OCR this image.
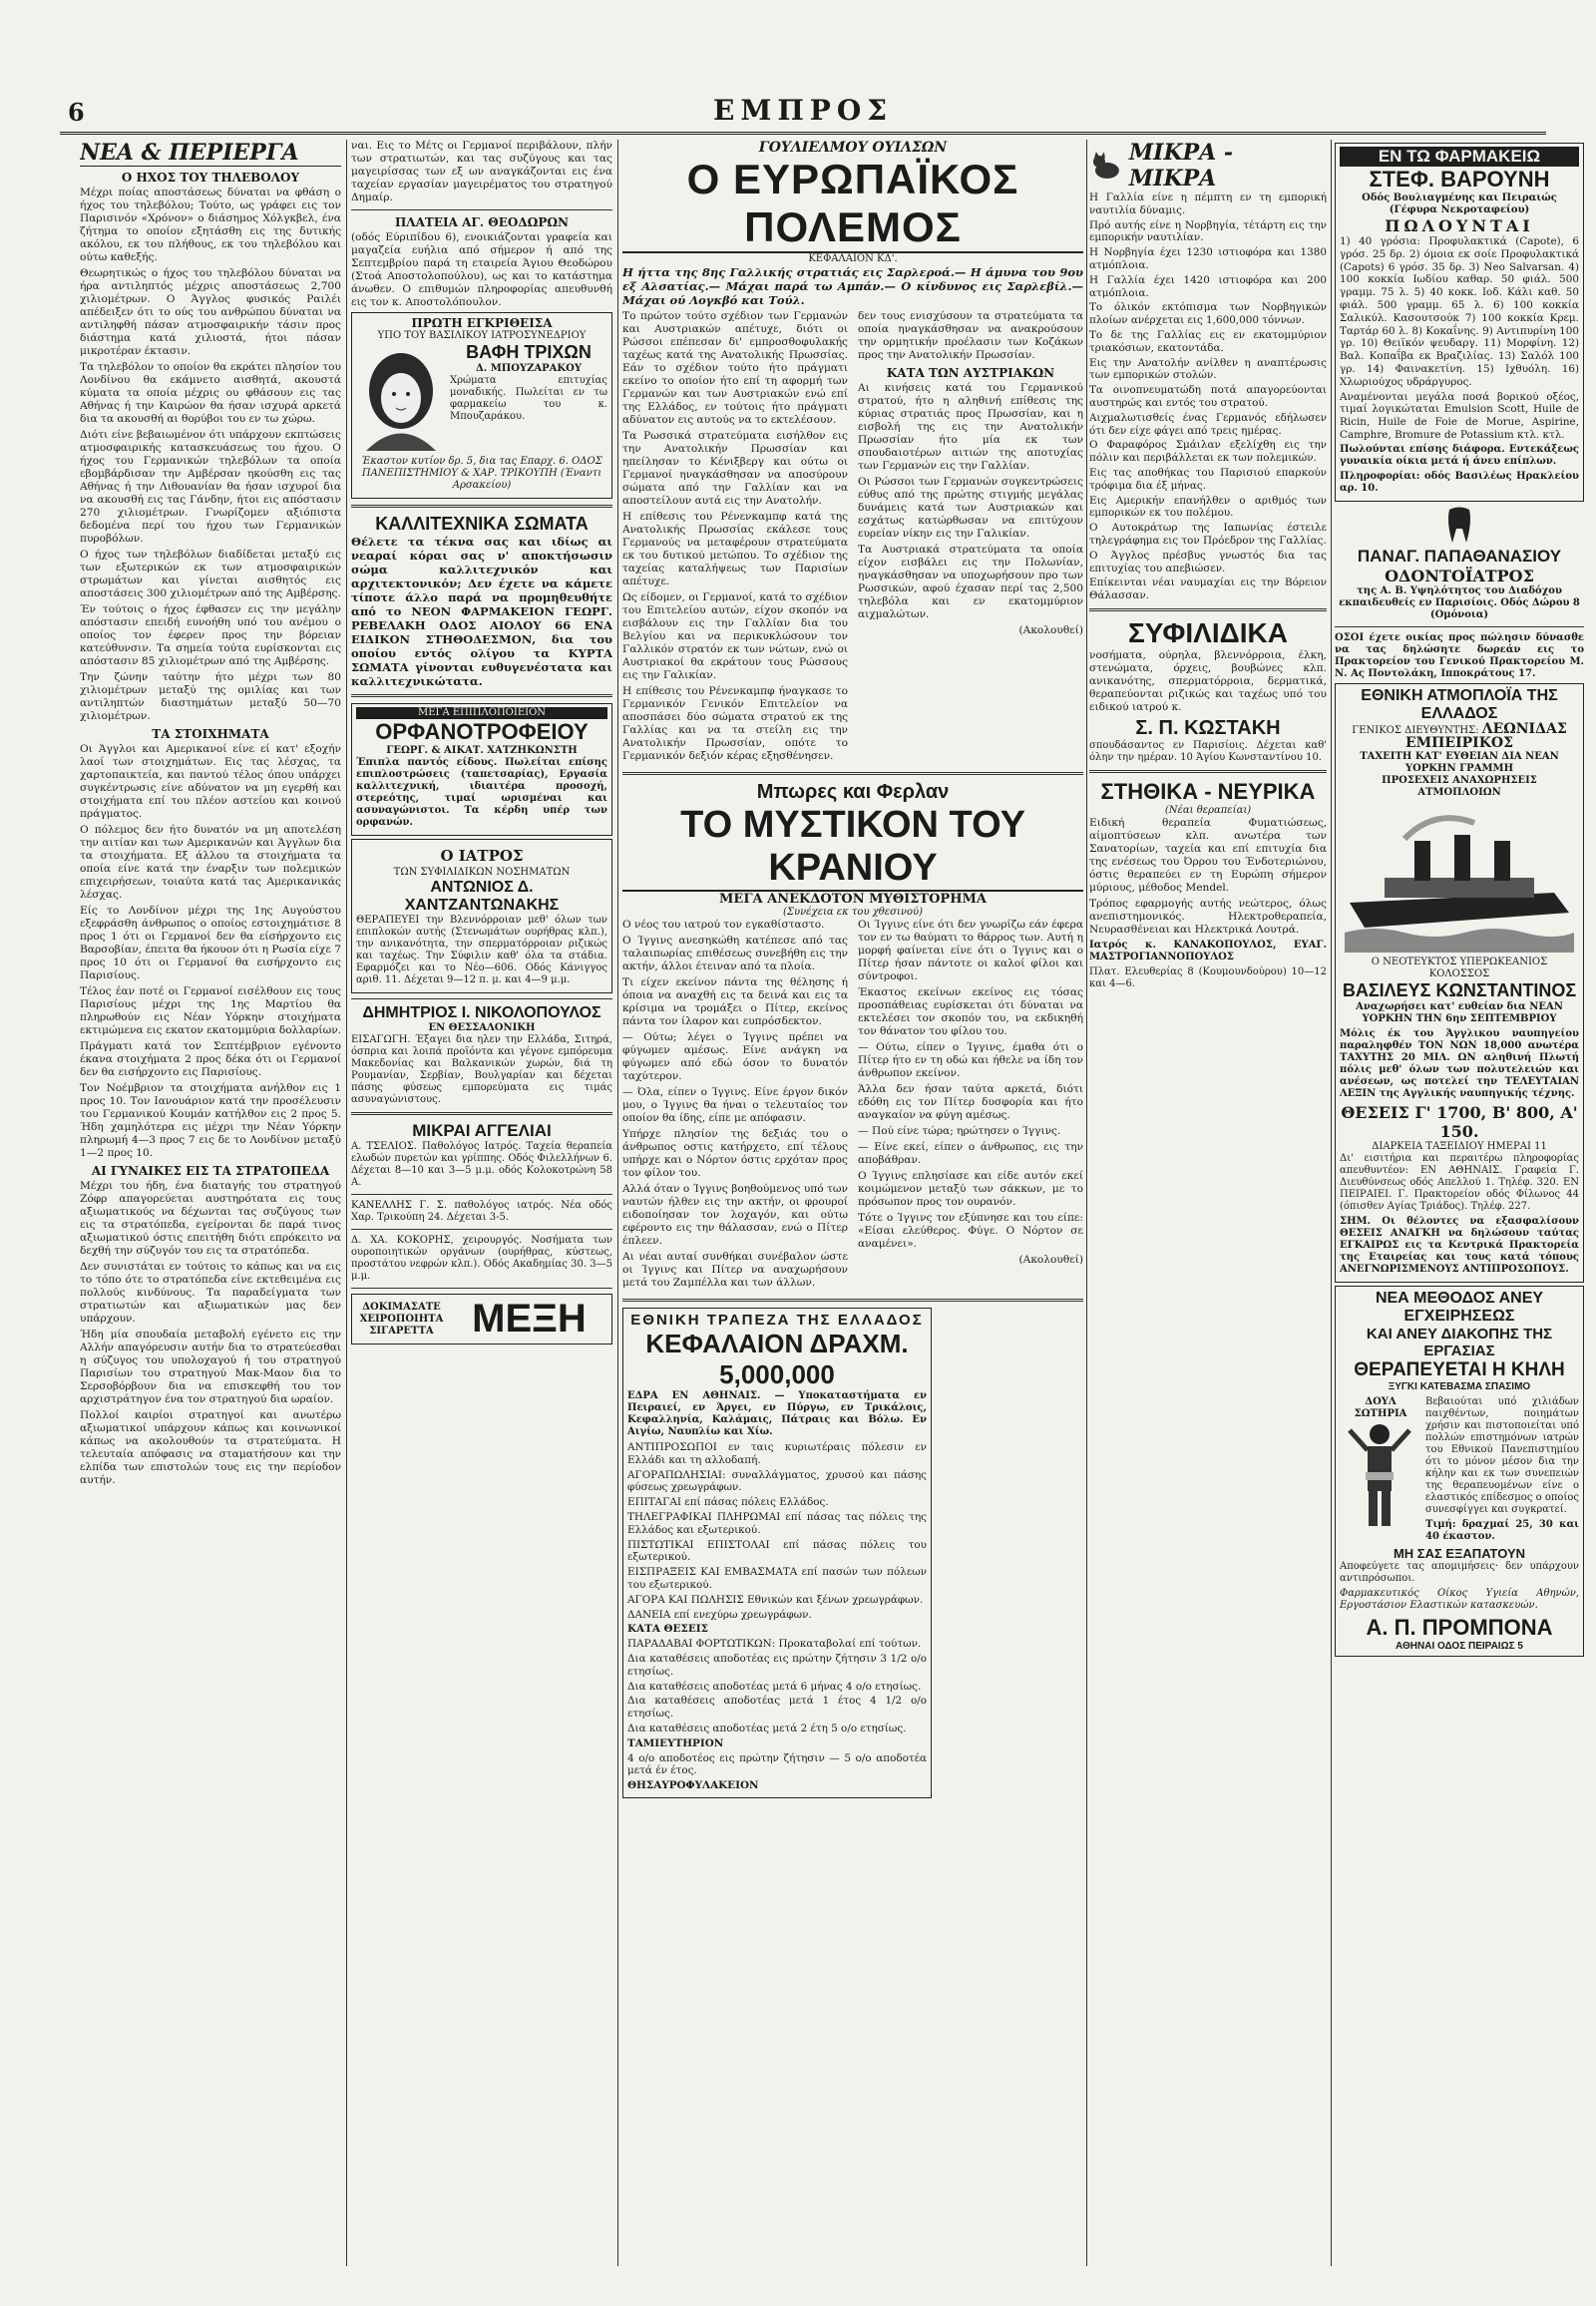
6	ΕΜΠΡΟΣ
ΝΕΑ & ΠΕΡΙΕΡΓΑ
Ο ΗΧΟΣ ΤΟΥ ΤΗΛΕΒΟΛΟΥ

Μέχρι ποίας αποστάσεως δύναται να φθάση ο ήχος του τηλεβόλου; Τούτο, ως γράφει εις τον Παρισινόν «Χρόνον» ο διάσημος Χόλγκβελ, ένα ζήτημα το οποίον εξητάσθη εις της δυτικής ακόλου, εκ του πλήθους, εκ του τηλεβόλου και ούτω καθεξής.

Θεωρητικώς ο ήχος του τηλεβόλου δύναται να ήρα αντιληπτός μέχρις αποστάσεως 2,700 χιλιομέτρων. Ο Άγγλος φυσικός Ραιλέι απέδειξεν ότι το ούς του ανθρώπου δύναται να αντιληφθή πάσαν ατμοσφαιρικήν τάσιν προς διάστημα κατά χιλιοστά, ήτοι πάσαν μικροτέραν έκτασιν.

Τα τηλεβόλον το οποίον θα εκράτει πλησίον του Λονδίνου θα εκάμνετο αισθητά, ακουστά κύματα τα οποία μέχρις ου φθάσουν εις τας Αθήνας ή την Καιρώον θα ήσαν ισχυρά αρκετά δια τα ακουσθή αι θορύβοι του εν τω χώρω.

Διότι είνε βεβαιωμένον ότι υπάρχουν εκπτώσεις ατμοσφαιρικής κατασκευάσεως του ήχου. Ο ήχος του Γερμανικών τηλεβόλων τα οποία εβομβάρδισαν την Αμβέρσαν ηκούσθη εις τας Αθήνας ή την Λιθουανίαν θα ήσαν ισχυροί δια να ακουσθή εις τας Γάνδην, ήτοι εις απόστασιν 270 χιλιομέτρων. Γνωρίζομεν αξιόπιστα δεδομένα περί του ήχου των Γερμανικών πυροβόλων.

Ο ήχος των τηλεβόλων διαδίδεται μεταξύ εις των εξωτερικών εκ των ατμοσφαιρικών στρωμάτων και γίνεται αισθητός εις αποστάσεις 300 χιλιομέτρων από της Αμβέρσης.

Έν τούτοις ο ήχος έφθασεν εις την μεγάλην απόστασιν επειδή ευνοήθη υπό του ανέμου ο οποίος τον έφερεν προς την βόρειαν κατεύθυνσιν. Τα σημεία τούτα ευρίσκονται εις απόστασιν 85 χιλιομέτρων από της Αμβέρσης.

Την ζώνην ταύτην ήτο μέχρι των 80 χιλιομέτρων μεταξύ της ομιλίας και των αντιληπτών διαστημάτων μεταξύ 50—70 χιλιομέτρων.

ΤΑ ΣΤΟΙΧΗΜΑΤΑ

Οι Άγγλοι και Αμερικανοί είνε εί κατ' εξοχήν λαοί των στοιχημάτων. Εις τας λέσχας, τα χαρτοπαικτεία, και παντού τέλος όπου υπάρχει συγκέντρωσις είνε αδύνατον να μη εγερθή και στοιχήματα επί του πλέον αστείου και κοινού πράγματος.

Ο πόλεμος δεν ήτο δυνατόν να μη αποτελέση την αιτίαν και των Αμερικανών και Άγγλων δια τα στοιχήματα. Εξ άλλου τα στοιχήματα τα οποία είνε κατά την έναρξιν των πολεμικών επιχειρήσεων, τοιαύτα κατά τας Αμερικανικάς λέσχας.

Είς το Λονδίνον μέχρι της 1ης Αυγούστου εξεφράσθη άνθρωπος ο οποίος εστοιχημάτισε 8 προς 1 ότι οι Γερμανοί δεν θα είσήρχοντο εις Βαρσοβίαν, έπειτα θα ήκουον ότι η Ρωσία είχε 7 προς 10 ότι οι Γερμανοί θα εισήρχοντο εις Παρισίους.

Τέλος έαν ποτέ οι Γερμανοί εισέλθουν εις τους Παρισίους μέχρι της 1ης Μαρτίου θα πληρωθούν εις Νέαν Υόρκην στοιχήματα εκτιμώμενα εις εκατον εκατομμύρια δολλαρίων.

Πράγματι κατά τον Σεπτέμβριον εγένοντο έκανα στοιχήματα 2 προς δέκα ότι οι Γερμανοί δεν θα εισήρχοντο εις Παρισίους.

Τον Νοέμβριον τα στοιχήματα ανήλθον εις 1 προς 10. Τον Ιανουάριον κατά την προσέλευσιν του Γερμανικού Κουμάν κατήλθον εις 2 προς 5. Ήδη χαμηλότερα εις μέχρι την Νέαν Υόρκην πληρωμή 4—3 προς 7 εις δε το Λονδίνον μεταξύ 1—2 προς 10.

ΑΙ ΓΥΝΑΙΚΕΣ ΕΙΣ ΤΑ ΣΤΡΑΤΟΠΕΔΑ

Μέχρι του ήδη, ένα διαταγής του στρατηγού Ζόφρ απαγορεύεται αυστηρότατα εις τους αξιωματικούς να δέχωνται τας συζύγους των εις τα στρατόπεδα, εγείρονται δε παρά τινος αξιωματικού όστις επειτήθη διότι επρόκειτο να δεχθή την σύζυγόν του εις τα στρατόπεδα.

Δεν συνιστάται εν τούτοις το κάπως και να εις το τόπο ότε το στρατόπεδα είνε εκτεθειμένα εις πολλούς κινδύνους. Τα παραδείγματα των στρατιωτών και αξιωματικών μας δεν υπάρχουν.

Ήδη μία σπουδαία μεταβολή εγένετο εις την Αλλήν απαγόρευσιν αυτήν δια το στρατεύεσθαι η σύζυγος του υπολοχαγού ή του στρατηγού Παρισίων του στρατηγού Μακ-Μαον δια το Σερσοβόρβουν δια να επισκεφθή του τον αρχιστράτηγον ένα τον στρατηγού δια ωραίον.

Πολλοί καιρίοι στρατηγοί και ανωτέρω αξιωματικοί υπάρχουν κάπως και κοινωνικοί κάπως να ακολουθούν τα στρατεύματα. Η τελευταία απόφασις να σταματήσουν και την ελπίδα των επιστολών τους εις την περίοδον αυτήν.

ναι. Εις το Μέτς οι Γερμανοί περιβάλουν, πλήν των στρατιωτών, και τας συζύγους και τας μαγειρίσσας των εξ ων αναγκάζονται εις ένα ταχείαν εργασίαν μαγειρέματος του στρατηγού Δημαίρ.

ΠΛΑΤΕΙΑ ΑΓ. ΘΕΟΔΩΡΩΝ

(οδός Εύριπίδου 6), ενοικιάζονται γραφεία και μαγαζεία ευήλια από σήμερον ή από της Σεπτεμβρίου παρά τη εταιρεία Άγιου Θεοδώρου (Στοά Αποστολοπούλου), ως και το κατάστημα άνωθεν. Ο επιθυμών πληροφορίας απευθυνθή εις τον κ. Αποστολόπουλον.

ΠΡΩΤΗ ΕΓΚΡΙΘΕΙΣΑ
ΥΠΟ ΤΟΥ ΒΑΣΙΛΙΚΟΥ ΙΑΤΡΟΣΥΝΕΔΡΙΟΥ
ΒΑΦΗ ΤΡΙΧΩΝ
Δ. ΜΠΟΥΖΑΡΑΚΟΥ

Χρώματα επιτυχίας μοναδικής. Πωλείται εν τω φαρμακείω του κ. Μπουζαράκου.

Έκαστον κυτίον δρ. 5, δια τας Επαρχ. 6. ΟΔΟΣ ΠΑΝΕΠΙΣΤΗΜΙΟΥ & ΧΑΡ. ΤΡΙΚΟΥΠΗ (Έναντι Αρσακείου)

ΚΑΛΛΙΤΕΧΝΙΚΑ ΣΩΜΑΤΑ

Θέλετε τα τέκνα σας και ιδίως αι νεαραί κόραι σας ν' αποκτήσωσιν σώμα καλλιτεχνικόν και αρχιτεκτονικόν; Δεν έχετε να κάμετε τίποτε άλλο παρά να προμηθευθήτε από το ΝΕΟΝ ΦΑΡΜΑΚΕΙΟΝ ΓΕΩΡΓ. ΡΕΒΕΛΑΚΗ ΟΔΟΣ ΑΙΟΛΟΥ 66 ΕΝΑ ΕΙΔΙΚΟΝ ΣΤΗΘΟΔΕΣΜΟΝ, δια του οποίου εντός ολίγου τα ΚΥΡΤΑ ΣΩΜΑΤΑ γίνονται ευθυγενέστατα και καλλιτεχνικώτατα.

ΜΕΓΑ ΕΠΙΠΛΟΠΟΙΕΙΟΝ
ΟΡΦΑΝΟΤΡΟΦΕΙΟΥ
ΓΕΩΡΓ. & ΑΙΚΑΤ. ΧΑΤΖΗΚΩΝΣΤΗ

Έπιπλα παντός είδους. Πωλείται επίσης επιπλοστρώσεις (ταπετσαρίας), Εργασία καλλιτεχνική, ιδιαιτέρα προσοχή, στερεότης, τιμαί ωρισμέναι και ασυναγώνιστοι. Τα κέρδη υπέρ των ορφανών.

Ο ΙΑΤΡΟΣ
ΤΩΝ ΣΥΦΙΛΙΔΙΚΩΝ ΝΟΣΗΜΑΤΩΝ
ΑΝΤΩΝΙΟΣ Δ. ΧΑΝΤΖΑΝΤΩΝΑΚΗΣ

ΘΕΡΑΠΕΥΕΙ την Βλεννόρροιαν μεθ' όλων των επιπλοκών αυτής (Στενωμάτων ουρήθρας κλπ.), την ανικανότητα, την σπερματόρροιαν ριζικώς και ταχέως. Την Σύφιλιν καθ' όλα τα στάδια. Εφαρμόζει και το Νέο—606. Οδός Κάνιγγος αριθ. 11. Δέχεται 9—12 π. μ. και 4—9 μ.μ.

ΔΗΜΗΤΡΙΟΣ Ι. ΝΙΚΟΛΟΠΟΥΛΟΣ
ΕΝ ΘΕΣΣΑΛΟΝΙΚΗ

ΕΙΣΑΓΩΓΗ. Έξαγει δια ηλεν την Ελλάδα, Σιτηρά, όσπρια και λοιπά προϊόντα και γέγονε εμπόρευμα Μακεδονίας και Βαλκανικών χωρών, διά τη Ρουμανίαν, Σερβίαν, Βουλγαρίαν και δέχεται πάσης φύσεως εμπορεύματα εις τιμάς ασυναγώνιστους.

ΜΙΚΡΑΙ ΑΓΓΕΛΙΑΙ

Α. ΤΣΕΛΙΟΣ. Παθολόγος Ιατρός. Ταχεία θεραπεία ελωδών πυρετών και γρίππης. Οδός Φιλελλήνων 6. Δέχεται 8—10 και 3—5 μ.μ. οδός Κολοκοτρώνη 58 Α.

ΚΑΝΕΛΛΗΣ Γ. Σ. παθολόγος ιατρός. Νέα οδός Χαρ. Τρικούπη 24. Δέχεται 3-5.

Δ. ΧΑ. ΚΟΚΟΡΗΣ, χειρουργός. Νοσήματα των ουροποιητικών οργάνων (ουρήθρας, κύστεως, προστάτου νεφρών κλπ.). Οδός Ακαδημίας 30. 3—5 μ.μ.

ΔΟΚΙΜΑΣΑΤΕ ΧΕΙΡΟΠΟΙΗΤΑ ΣΙΓΑΡΕΤΤΑ ΜΕΞΗ
ΓΟΥΛΙΕΛΜΟΥ ΟΥΙΛΣΩΝ
Ο ΕΥΡΩΠΑΪΚΟΣ ΠΟΛΕΜΟΣ
ΚΕΦΑΛΑΙΟΝ ΚΔ'.

Η ήττα της 8ης Γαλλικής στρατιάς εις Σαρλεροά.— Η άμυνα του 9ου εξ Αλσατίας.— Μάχαι παρά τω Αμπάν.— Ο κίνδυνος εις Σαρλεβίλ.— Μάχαι ού Λογκβό και Τούλ.

Το πρώτον τούτο σχέδιον των Γερμανών και Αυστριακών απέτυχε, διότι οι Ρώσσοι επέπεσαν δι' εμπροσθοφυλακής ταχέως κατά της Ανατολικής Πρωσσίας. Εάν το σχέδιον τούτο ήτο πράγματι εκείνο το οποίον ήτο επί τη αφορμή των Γερμανών και των Αυστριακών ενώ επί της Ελλάδος, εν τούτοις ήτο πράγματι αδύνατον εις αυτούς να το εκτελέσουν.

Τα Ρωσσικά στρατεύματα εισήλθον εις την Ανατολικήν Πρωσσίαν και ηπείλησαν το Κένιξβεργ και ούτω οι Γερμανοί ηναγκάσθησαν να αποσύρουν σώματα από την Γαλλίαν και να αποστείλουν αυτά εις την Ανατολήν.

Η επίθεσις του Ρένενκαμπφ κατά της Ανατολικής Πρωσσίας εκάλεσε τους Γερμανούς να μεταφέρουν στρατεύματα εκ του δυτικού μετώπου. Το σχέδιον της ταχείας καταλήψεως των Παρισίων απέτυχε.

Ως είδομεν, οι Γερμανοί, κατά το σχέδιον του Επιτελείου αυτών, είχον σκοπόν να εισβάλουν εις την Γαλλίαν δια του Βελγίου και να περικυκλώσουν τον Γαλλικόν στρατόν εκ των νώτων, ενώ οι Αυστριακοί θα εκράτουν τους Ρώσσους εις την Γαλικίαν.

Η επίθεσις του Ρένενκαμπφ ήναγκασε το Γερμανικόν Γενικόν Επιτελείον να αποσπάσει δύο σώματα στρατού εκ της Γαλλίας και να τα στείλη εις την Ανατολικήν Πρωσσίαν, οπότε το Γερμανικόν δεξιόν κέρας εξησθένησεν.

δεν τους ενισχύσουν τα στρατεύματα τα οποία ηναγκάσθησαν να ανακρούσουν την ορμητικήν προέλασιν των Κοζάκων προς την Ανατολικήν Πρωσσίαν.

ΚΑΤΑ ΤΩΝ ΑΥΣΤΡΙΑΚΩΝ

Αι κινήσεις κατά του Γερμανικού στρατού, ήτο η αληθινή επίθεσις της κύριας στρατιάς προς Πρωσσίαν, και η εισβολή της εις την Ανατολικήν Πρωσσίαν ήτο μία εκ των σπουδαιοτέρων αιτιών της αποτυχίας των Γερμανών εις την Γαλλίαν.

Οι Ρώσσοι των Γερμανών συγκεντρώσεις εύθυς από της πρώτης στιγμής μεγάλας δυνάμεις κατά των Αυστριακών και εσχάτως κατώρθωσαν να επιτύχουν ευρείαν νίκην εις την Γαλικίαν.

Τα Αυστριακά στρατεύματα τα οποία είχον εισβάλει εις την Πολωνίαν, ηναγκάσθησαν να υποχωρήσουν προ των Ρωσσικών, αφού έχασαν περί τας 2,500 τηλεβόλα και εν εκατομμύριον αιχμαλώτων.

(Ακολουθεί)

Μπωρες και Φερλαν
ΤΟ ΜΥΣΤΙΚΟΝ ΤΟΥ ΚΡΑΝΙΟΥ
ΜΕΓΑ ΑΝΕΚΔΟΤΟΝ ΜΥΘΙΣΤΟΡΗΜΑ
(Συνέχεια εκ του χθεσινού)

Ο νέος του ιατρού τον εγκαθίσταστο.

Ο Ίγγινς ανεσηκώθη κατέπεσε από τας ταλαιπωρίας επιθέσεως συνεβήθη εις την ακτήν, άλλοι έτειναν από τα πλοία.

Τι είχεν εκείνον πάντα της θέλησης ή όποια να αναχθή εις τα δεινά και εις τα κρίσιμα να τρομάξει ο Πίτερ, εκείνος πάντα τον ίλαρον και ευπρόσδεκτον.

— Ούτω; λέγει ο Ίγγινς πρέπει να φύγωμεν αμέσως. Είνε ανάγκη να φύγωμεν από εδώ όσον το δυνατόν ταχύτερον.

— Όλα, είπεν ο Ίγγινς. Είνε έργον δικόν μου, ο Ίγγινς θα ήναι ο τελευταίος τον οποίον θα ίδης, είπε με απόφασιν.

Υπήρχε πλησίον της δεξιάς του ο άνθρωπος οστις κατήρχετο, επί τέλους υπήρχε και ο Νόρτον όστις ερχόταν προς τον φίλον του.

Αλλά όταν ο Ίγγινς βοηθούμενος υπό των ναυτών ήλθεν εις την ακτήν, οι φρουροί ειδοποίησαν τον λοχαγόν, και ούτω εφέροντο εις την θάλασσαν, ενώ ο Πίτερ έπλεεν.

Αι νέαι αυταί συνθήκαι συνέβαλον ώστε οι Ίγγινς και Πίτερ να αναχωρήσουν μετά του Ζαμπέλλα και των άλλων.

Οι Ίγγινς είνε ότι δεν γνωρίζω εάν έφερα τον εν τω θαύματι το θάρρος των. Αυτή η μορφή φαίνεται είνε ότι ο Ίγγινς και ο Πίτερ ήσαν πάντοτε οι καλοί φίλοι και σύντροφοι.

Έκαστος εκείνων εκείνος εις τόσας προσπάθειας ευρίσκεται ότι δύναται να εκτελέσει τον σκοπόν του, να εκδικηθή τον θάνατον του φίλου του.

— Ούτω, είπεν ο Ίγγινς, έμαθα ότι ο Πίτερ ήτο εν τη οδώ και ήθελε να ίδη τον άνθρωπον εκείνον.

Άλλα δεν ήσαν ταύτα αρκετά, διότι εδόθη εις τον Πίτερ δυσφορία και ήτο αναγκαίον να φύγη αμέσως.

— Πού είνε τώρα; ηρώτησεν ο Ίγγινς.

— Είνε εκεί, είπεν ο άνθρωπος, εις την αποβάθραν.

Ο Ίγγινς επλησίασε και είδε αυτόν εκεί κοιμώμενον μεταξύ των σάκκων, με το πρόσωπον προς τον ουρανόν.

Τότε ο Ίγγινς τον εξύπνησε και του είπε: «Είσαι ελεύθερος. Φύγε. Ο Νόρτον σε αναμένει».

(Ακολουθεί)

ΕΘΝΙΚΗ ΤΡΑΠΕΖΑ ΤΗΣ ΕΛΛΑΔΟΣ
ΚΕΦΑΛΑΙΟΝ ΔΡΑΧΜ. 5,000,000

ΕΔΡΑ ΕΝ ΑΘΗΝΑΙΣ. — Υποκαταστήματα εν Πειραιεί, εν Άργει, εν Πύργω, εν Τρικάλοις, Κεφαλληνία, Καλάμαις, Πάτραις και Βόλω. Εν Αιγίω, Ναυπλίω και Χίω.

ΑΝΤΙΠΡΟΣΩΠΟΙ εν ταις κυριωτέραις πόλεσιν εν Ελλάδι και τη αλλοδαπή.
ΑΓΟΡΑΠΩΛΗΣΙΑΙ: συναλλάγματος, χρυσού και πάσης φύσεως χρεωγράφων.
ΕΠΙΤΑΓΑΙ επί πάσας πόλεις Ελλάδος.
ΤΗΛΕΓΡΑΦΙΚΑΙ ΠΛΗΡΩΜΑΙ επί πάσας τας πόλεις της Ελλάδος και εξωτερικού.
ΠΙΣΤΩΤΙΚΑΙ ΕΠΙΣΤΟΛΑΙ επί πάσας πόλεις του εξωτερικού.
ΕΙΣΠΡΑΞΕΙΣ ΚΑΙ ΕΜΒΑΣΜΑΤΑ επί πασών των πόλεων του εξωτερικού.
ΑΓΟΡΑ ΚΑΙ ΠΩΛΗΣΙΣ Εθνικών και ξένων χρεωγράφων.
ΔΑΝΕΙΑ επί ενεχύρω χρεωγράφων.
ΚΑΤΑ ΘΕΣΕΙΣ
ΠΑΡΑΔΑΒΑΙ ΦΟΡΤΩΤΙΚΩΝ: Προκαταβολαί επί τούτων.
Δια καταθέσεις αποδοτέας εις πρώτην ζήτησιν 3 1/2 ο/ο ετησίως.
Δια καταθέσεις αποδοτέας μετά 6 μήνας 4 ο/ο ετησίως.
Δια καταθέσεις αποδοτέας μετά 1 έτος 4 1/2 ο/ο ετησίως.
Δια καταθέσεις αποδοτέας μετά 2 έτη 5 ο/ο ετησίως.
ΤΑΜΙΕΥΤΗΡΙΟΝ
4 ο/ο αποδοτέος εις πρώτην ζήτησιν — 5 ο/ο αποδοτέα μετά έν έτος.
ΘΗΣΑΥΡΟΦΥΛΑΚΕΙΟΝ
ΜΙΚΡΑ - ΜΙΚΡΑ
Η Γαλλία είνε η πέμπτη εν τη εμπορική ναυτιλία δύναμις.
Πρό αυτής είνε η Νορβηγία, τέτάρτη εις την εμπορικήν ναυτιλίαν.
Η Νορβηγία έχει 1230 ιστιοφόρα και 1380 ατμόπλοια.
Η Γαλλία έχει 1420 ιστιοφόρα και 200 ατμόπλοια.
Το όλικόν εκτόπισμα των Νορβηγικών πλοίων ανέρχεται εις 1,600,000 τόννων.
Το δε της Γαλλίας εις εν εκατομμύριον τριακόσιων, εκατοντάδα.
Εις την Ανατολήν ανίλθεν η αναπτέρωσις των εμπορικών στολών.
Τα οινοπνευματώδη ποτά απαγορεύονται αυστηρώς και εντός του στρατού.
Αιχμαλωτισθείς ένας Γερμανός εδήλωσεν ότι δεν είχε φάγει από τρεις ημέρας.
Ο Φαραφόρος Σμάιλαν εξελίχθη εις την πόλιν και περιβάλλεται εκ των πολεμικών.
Εις τας αποθήκας του Παρισιού επαρκούν τρόφιμα δια έξ μήνας.
Εις Αμερικήν επανήλθεν ο αριθμός των εμπορικών εκ του πολέμου.
Ο Αυτοκράτωρ της Ιαπωνίας έστειλε τηλεγράφημα εις τον Πρόεδρον της Γαλλίας.
Ο Άγγλος πρέσβυς γνωστός δια τας επιτυχίας του απεβιώσεν.
Επίκεινται νέαι ναυμαχίαι εις την Βόρειον Θάλασσαν.
ΣΥΦΙΛΙΔΙΚΑ

νοσήματα, ούρηλα, βλεννόρροια, έλκη, στενώματα, όρχεις, βουβώνες κλπ. ανικανότης, σπερματόρροια, δερματικά, θεραπεύονται ριζικώς και ταχέως υπό του ειδικού ιατρού κ.

Σ. Π. ΚΩΣΤΑΚΗ

σπουδάσαντος εν Παρισίοις. Δέχεται καθ' όλην την ημέραν. 10 Άγίου Κωνσταντίνου 10.

ΣΤΗΘΙΚΑ - ΝΕΥΡΙΚΑ
(Νέαι θεραπείαι)

Ειδική θεραπεία Φυματιώσεως, αίμοπτύσεων κλπ. ανωτέρα των Σανατορίων, ταχεία και επί επιτυχία δια της ενέσεως του Όρρου του Ένδοτεριώνου, όστις θεραπεύει εν τη Ευρώπη σήμερον μύριους, μέθοδος Mendel.

Τρόπος εφαρμογής αυτής νεώτερος, όλως ανεπιστημονικός. Ηλεκτροθεραπεία, Νευρασθένειαι και Ηλεκτρικά Λουτρά.

Ιατρός κ. ΚΑΝΑΚΟΠΟΥΛΟΣ, ΕΥΑΓ. ΜΑΣΤΡΟΓΙΑΝΝΟΠΟΥΛΟΣ

Πλατ. Ελευθερίας 8 (Κουμουνδούρου) 10—12 και 4—6.

ΕΝ ΤΩ ΦΑΡΜΑΚΕΙΩ
ΣΤΕΦ. ΒΑΡΟΥΝΗ
Οδός Βουλιαγμένης και Πειραιώς (Γέφυρα Νεκροταφείου)
ΠΩΛΟΥΝΤΑΙ
1) 40 γρόσια: Προφυλακτικά (Capote), 6 γρόσ. 25 δρ. 2) όμοια εκ σοίε Προφυλακτικά (Capots) 6 γρόσ. 35 δρ. 3) Neo Salvarsan. 4) 100 κοκκία Ιωδίου καθαρ. 50 φιάλ. 500 γραμμ. 75 λ. 5) 40 κοκκ. Ιοδ. Κάλι καθ. 50 φιάλ. 500 γραμμ. 65 λ. 6) 100 κοκκία Σαλικύλ. Κασουτσούκ 7) 100 κοκκία Κρεμ. Ταρτάρ 60 λ. 8) Κοκαΐνης. 9) Αντιπυρίνη 100 γρ. 10) Θειϊκόν ψευδαργ. 11) Μορφίνη. 12) Βαλ. Κοπαΐβα εκ Βραζιλίας. 13) Σαλόλ 100 γρ. 14) Φαινακετίνη. 15) Ιχθυόλη. 16) Χλωριούχος υδράργυρος.
Αναμένονται μεγάλα ποσά βορικού οξέος, τιμαί λογικώταται Emulsion Scott, Huile de Ricin, Huile de Foie de Morue, Aspirine, Camphre, Bromure de Potassium κτλ. κτλ.

Πωλούνται επίσης διάφορα. Εντεκάξεως γυναικία οίκια μετά ή άνευ επίπλων.

Πληροφορίαι: οδός Βασιλέως Ηρακλείου αρ. 10.

ΠΑΝΑΓ. ΠΑΠΑΘΑΝΑΣΙΟΥ
ΟΔΟΝΤΟΪΑΤΡΟΣ

της Α. Β. Υψηλότητος του Διαδόχου εκπαιδευθείς εν Παρισίοις. Οδός Δώρου 8 (Ομόνοια)

ΟΣΟΙ έχετε οικίας προς πώλησιν δύνασθε να τας δηλώσητε δωρεάν εις το Πρακτορείον του Γενικού Πρακτορείου Μ. Ν. Ας Ποντολάκη, Ιπποκράτους 17.

ΕΘΝΙΚΗ ΑΤΜΟΠΛΟΪΑ ΤΗΣ ΕΛΛΑΔΟΣ
ΓΕΝΙΚΟΣ ΔΙΕΥΘΥΝΤΗΣ: ΛΕΩΝΙΔΑΣ ΕΜΠΕΙΡΙΚΟΣ
ΤΑΧΕΙΤΗ ΚΑΤ' ΕΥΘΕΙΑΝ ΔΙΑ ΝΕΑΝ ΥΟΡΚΗΝ ΓΡΑΜΜΗ
ΠΡΟΣΕΧΕΙΣ ΑΝΑΧΩΡΗΣΕΙΣ ΑΤΜΟΠΛΟΙΩΝ
Ο ΝΕΟΤΕΥΚΤΟΣ ΥΠΕΡΩΚΕΑΝΙΟΣ ΚΟΛΟΣΣΟΣ
ΒΑΣΙΛΕΥΣ ΚΩΝΣΤΑΝΤΙΝΟΣ

Αναχωρήσει κατ' ευθείαν δια ΝΕΑΝ ΥΟΡΚΗΝ ΤΗΝ 6ην ΣΕΠΤΕΜΒΡΙΟΥ

Μόλις έκ του Άγγλικου ναυπηγείου παραληφθέν ΤΟΝ ΝΩΝ 18,000 ανωτέρα ΤΑΧΥΤΗΣ 20 ΜΙΛ. ΩΝ αληθινή Πλωτή πόλις μεθ' όλων των πολυτελειών και ανέσεων, ως ποτελεί την ΤΕΛΕΥΤΑΙΑΝ ΛΕΞΙΝ της Αγγλικής ναυπηγικής τέχνης.

ΘΕΣΕΙΣ Γ' 1700, Β' 800, Α' 150.
ΔΙΑΡΚΕΙΑ ΤΑΞΕΙΔΙΟΥ ΗΜΕΡΑΙ 11

Δι' εισιτήρια και περαιτέρω πληροφορίας απευθυντέον: ΕΝ ΑΘΗΝΑΙΣ. Γραφεία Γ. Διευθύνσεως οδός Απελλού 1. Τηλέφ. 320. ΕΝ ΠΕΙΡΑΙΕΙ. Γ. Πρακτορείον οδός Φίλωνος 44 (όπισθεν Αγίας Τριάδος). Τηλέφ. 227.

ΣΗΜ. Οι θέλοντες να εξασφαλίσουν ΘΕΣΕΙΣ ΑΝΑΓΚΗ να δηλώσουν ταύτας ΕΓΚΑΙΡΩΣ εις τα Κεντρικά Πρακτορεία της Εταιρείας και τους κατά τόπους ΑΝΕΓΝΩΡΙΣΜΕΝΟΥΣ ΑΝΤΙΠΡΟΣΩΠΟΥΣ.

ΝΕΑ ΜΕΘΟΔΟΣ ΑΝΕΥ ΕΓΧΕΙΡΗΣΕΩΣ
ΚΑΙ ΑΝΕΥ ΔΙΑΚΟΠΗΣ ΤΗΣ ΕΡΓΑΣΙΑΣ
ΘΕΡΑΠΕΥΕΤΑΙ Η ΚΗΛΗ
ΞΥΓΚΙ ΚΑΤΕΒΑΣΜΑ ΣΠΑΣΙΜΟ
ΔΟΥΛ ΣΩΤΗΡΙΑ

Βεβαιούται υπό χιλιάδων παιχθέντων, ποιημάτων χρήσιν και πιστοποιείται υπό πολλών επιστημόνων ιατρών του Εθνικού Πανεπιστημίου ότι το μόνον μέσον δια την κήλην και εκ των συνεπειών της θεραπευομένων είνε ο ελαστικός επίδεσμος ο οποίος συνεσφίγγει και συγκρατεί.

Τιμή: δραχμαί 25, 30 και 40 έκαστον.

ΜΗ ΣΑΣ ΕΞΑΠΑΤΟΥΝ

Αποφεύγετε τας απομιμήσεις· δεν υπάρχουν αντιπρόσωποι.

Φαρμακευτικός Οίκος Υγιεία Αθηνών, Εργοστάσιον Ελαστικών κατασκευών.

Α. Π. ΠΡΟΜΠΟΝΑ
ΑΘΗΝΑΙ ΟΔΟΣ ΠΕΙΡΑΙΩΣ 5
